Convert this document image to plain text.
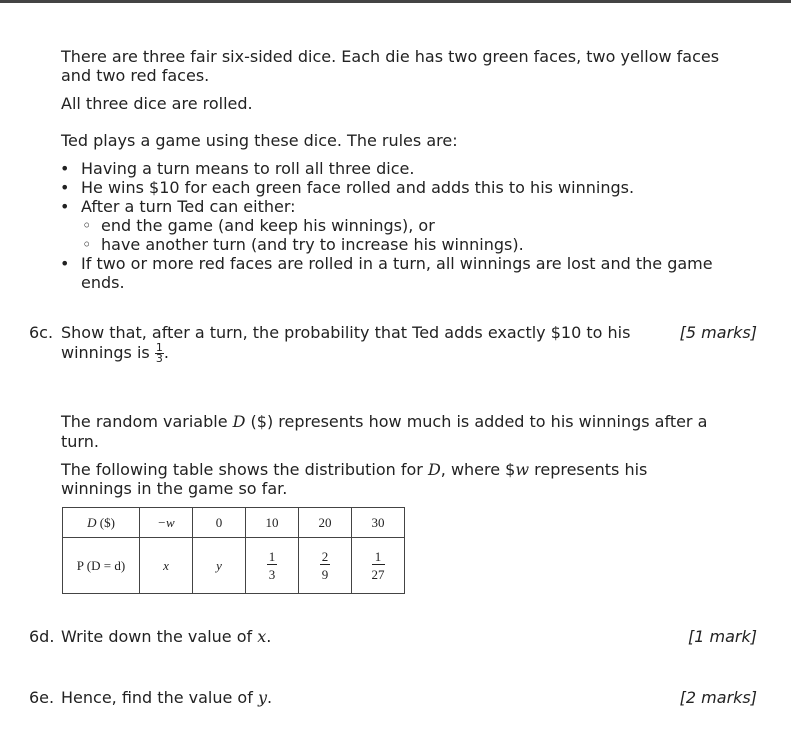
There are three fair six-sided dice. Each die has two green faces, two yellow faces
and two red faces.
All three dice are rolled.
Ted plays a game using these dice. The rules are:
• Having a turn means to roll all three dice.
• He wins $10 for each green face rolled and adds this to his winnings.
• After a turn Ted can either:
◦ end the game (and keep his winnings), or
◦ have another turn (and try to increase his winnings).
• If two or more red faces are rolled in a turn, all winnings are lost and the game
ends.
6c. Show that, after a turn, the probability that Ted adds exactly $10 to his	[5 marks]
winnings is $\frac{1}{3}$ .
The random variable D ($) represents how much is added to his winnings after a
turn.
The following table shows the distribution for D, where $w represents his
winnings in the game so far.
D ($)	−w	0	10	20	30
P (D = d)	x	y	$\frac{1}{3}$	$\frac{2}{9}$	$\frac{1}{27}$
6d. Write down the value of x.	[1 mark]
6e. Hence, find the value of y.	[2 marks]
